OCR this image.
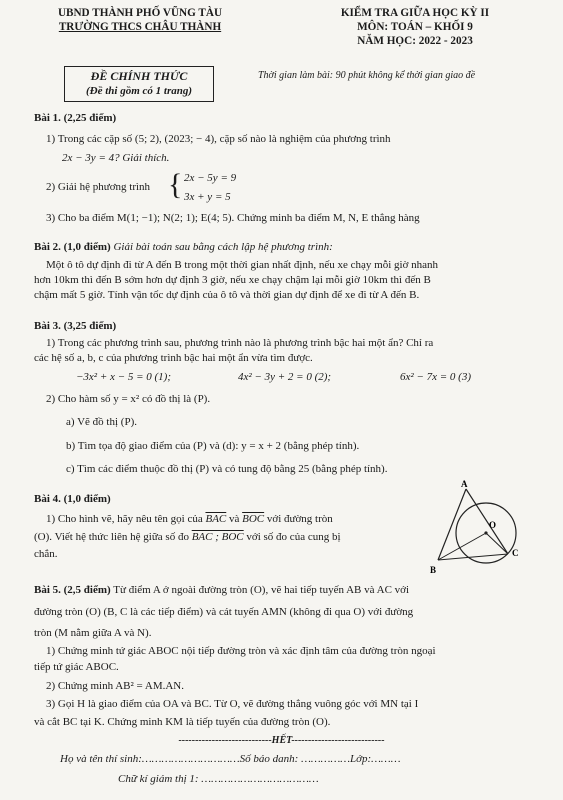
UBND THÀNH PHỐ VŨNG TÀU
TRƯỜNG THCS CHÂU THÀNH
KIỂM TRA GIỮA HỌC KỲ II
MÔN: TOÁN – KHỐI 9
NĂM HỌC: 2022 - 2023
ĐỀ CHÍNH THỨC
(Đề thi gồm có 1 trang)
Thời gian làm bài: 90 phút không kể thời gian giao đề
Bài 1. (2,25 điểm)
1) Trong các cặp số (5; 2), (2023; − 4), cặp số nào là nghiệm của phương trình
2x − 3y = 4? Giải thích.
2) Giải hệ phương trình { 2x − 5y = 9
3x + y = 5
3) Cho ba điểm M(1; −1); N(2; 1); E(4; 5). Chứng minh ba điểm M, N, E thẳng hàng
Bài 2. (1,0 điểm) Giải bài toán sau bằng cách lập hệ phương trình:
Một ô tô dự định đi từ A đến B trong một thời gian nhất định, nếu xe chạy mỗi giờ nhanh
hơn 10km thì đến B sớm hơn dự định 3 giờ, nếu xe chạy chậm lại mỗi giờ 10km thì đến B
chậm mất 5 giờ. Tính vận tốc dự định của ô tô và thời gian dự định để xe đi từ A đến B.
Bài 3. (3,25 điểm)
1) Trong các phương trình sau, phương trình nào là phương trình bậc hai một ẩn? Chỉ ra
các hệ số a, b, c của phương trình bậc hai một ẩn vừa tìm được.
−3x² + x − 5 = 0 (1);	4x² − 3y + 2 = 0 (2);	6x² − 7x = 0 (3)
2) Cho hàm số y = x² có đồ thị là (P).
a) Vẽ đồ thị (P).
b) Tìm tọa độ giao điểm của (P) và (d): y = x + 2 (bằng phép tính).
c) Tìm các điểm thuộc đồ thị (P) và có tung độ bằng 25 (bằng phép tính).
Bài 4. (1,0 điểm)
1) Cho hình vẽ, hãy nêu tên gọi của $\overline{BAC}$ và $\overline{BOC}$ với đường tròn
(O). Viết hệ thức liên hệ giữa số đo BAC ; BOC với số đo của cung bị
chắn.
A
O
B
C
Bài 5. (2,5 điểm) Từ điểm A ở ngoài đường tròn (O), vẽ hai tiếp tuyến AB và AC với
đường tròn (O) (B, C là các tiếp điểm) và cát tuyến AMN (không đi qua O) với đường
tròn (M nằm giữa A và N).
1) Chứng minh tứ giác ABOC nội tiếp đường tròn và xác định tâm của đường tròn ngoại
tiếp tứ giác ABOC.
2) Chứng minh AB² = AM.AN.
3) Gọi H là giao điểm của OA và BC. Từ O, vẽ đường thẳng vuông góc với MN tại I
và cắt BC tại K. Chứng minh KM là tiếp tuyến của đường tròn (O).
----------------------------HẾT----------------------------
Họ và tên thí sinh:…………………………Số báo danh: ……………Lớp:………
Chữ kí giám thị 1: ………………………………
